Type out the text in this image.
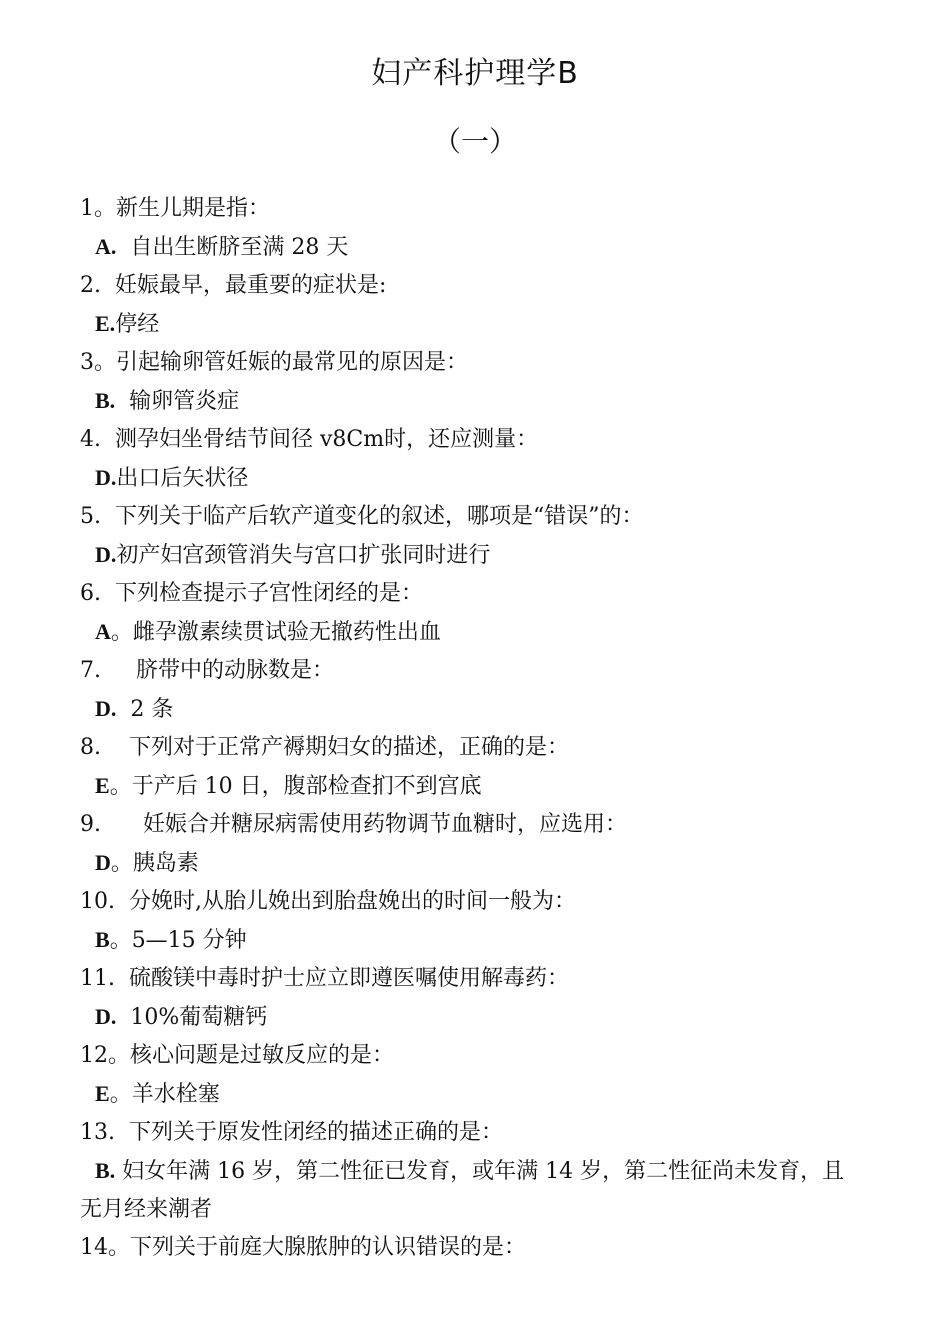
妇产科护理学B
（一）
1。新生儿期是指：
A.  自出生断脐至满 28 天
2.  妊娠最早，最重要的症状是:
E.停经
3。引起输卵管妊娠的最常见的原因是：
B.  输卵管炎症
4.  测孕妇坐骨结节间径 v8Cm时，还应测量：
D.出口后矢状径
5.  下列关于临产后软产道变化的叙述，哪项是“错误”的：
D.初产妇宫颈管消失与宫口扩张同时进行
6.  下列检查提示子宫性闭经的是：
A。雌孕激素续贯试验无撤药性出血
7.     脐带中的动脉数是：
D.  2 条
8.    下列对于正常产褥期妇女的描述，正确的是：
E。于产后 10 日，腹部检查扪不到宫底
9.      妊娠合并糖尿病需使用药物调节血糖时，应选用：
D。胰岛素
10.  分娩时,从胎儿娩出到胎盘娩出的时间一般为：
B。5—15 分钟
11.  硫酸镁中毒时护士应立即遵医嘱使用解毒药：
D.  10%葡萄糖钙
12。核心问题是过敏反应的是：
E。羊水栓塞
13.  下列关于原发性闭经的描述正确的是：
B. 妇女年满 16 岁，第二性征已发育，或年满 14 岁，第二性征尚未发育，且无月经来潮者
14。下列关于前庭大腺脓肿的认识错误的是：
